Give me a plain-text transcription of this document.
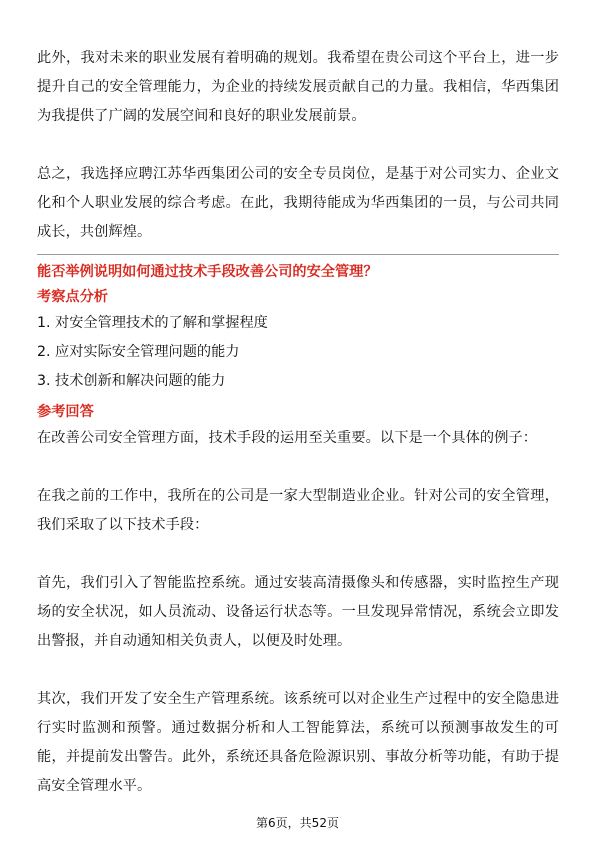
此外，我对未来的职业发展有着明确的规划。我希望在贵公司这个平台上，进一步提升自己的安全管理能力，为企业的持续发展贡献自己的力量。我相信，华西集团为我提供了广阔的发展空间和良好的职业发展前景。

总之，我选择应聘江苏华西集团公司的安全专员岗位，是基于对公司实力、企业文化和个人职业发展的综合考虑。在此，我期待能成为华西集团的一员，与公司共同成长，共创辉煌。

能否举例说明如何通过技术手段改善公司的安全管理？

考察点分析

1. 对安全管理技术的了解和掌握程度
2. 应对实际安全管理问题的能力
3. 技术创新和解决问题的能力

参考回答

在改善公司安全管理方面，技术手段的运用至关重要。以下是一个具体的例子：

在我之前的工作中，我所在的公司是一家大型制造业企业。针对公司的安全管理，我们采取了以下技术手段：

首先，我们引入了智能监控系统。通过安装高清摄像头和传感器，实时监控生产现场的安全状况，如人员流动、设备运行状态等。一旦发现异常情况，系统会立即发出警报，并自动通知相关负责人，以便及时处理。

其次，我们开发了安全生产管理系统。该系统可以对企业生产过程中的安全隐患进行实时监测和预警。通过数据分析和人工智能算法，系统可以预测事故发生的可能，并提前发出警告。此外，系统还具备危险源识别、事故分析等功能，有助于提高安全管理水平。

第6页，共52页
